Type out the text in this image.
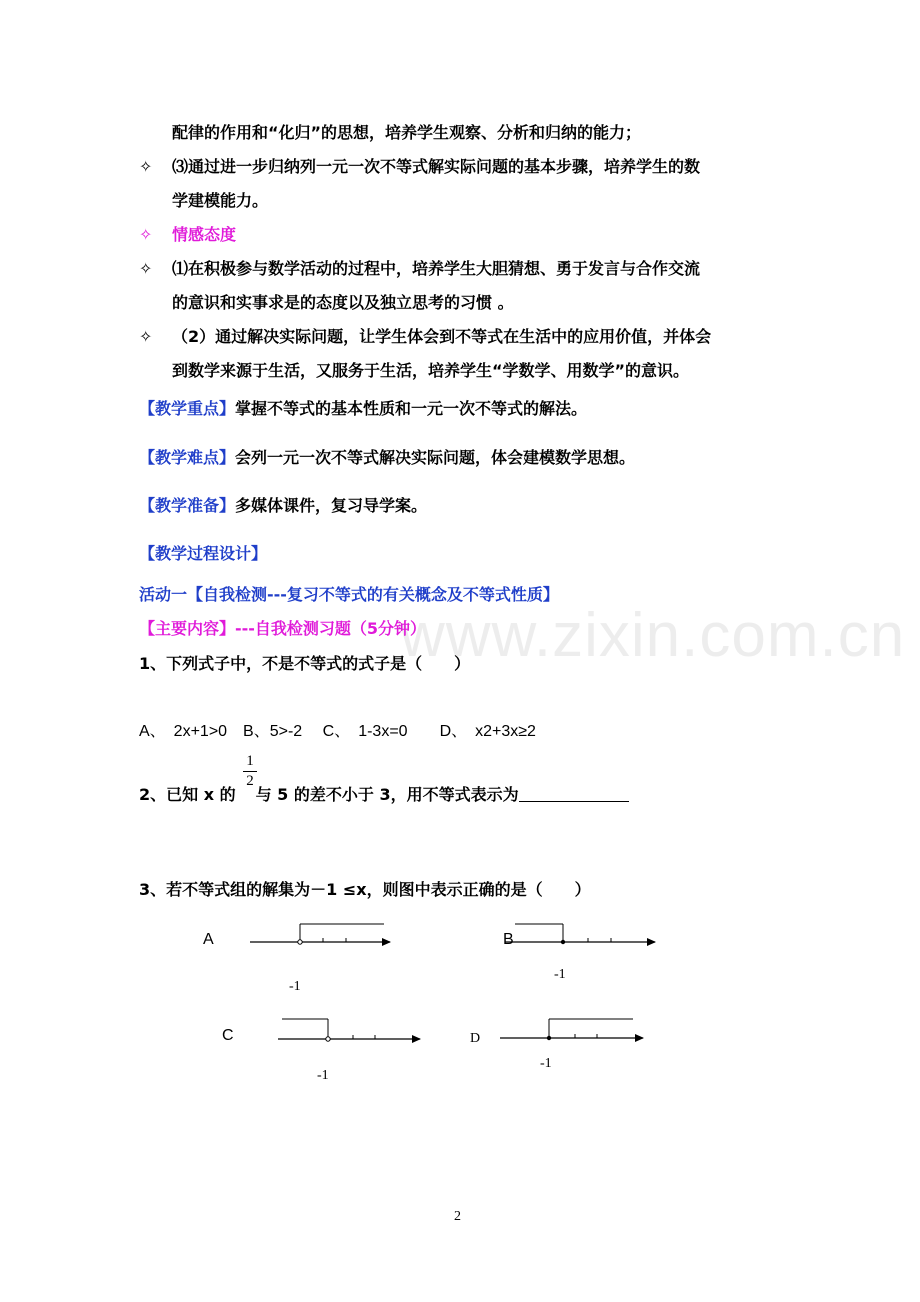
www.zixin.com.cn
配律的作用和“化归”的思想，培养学生观察、分析和归纳的能力；
✧ ⑶通过进一步归纳列一元一次不等式解实际问题的基本步骤，培养学生的数
学建模能力。
✧ 情感态度
✧ ⑴在积极参与数学活动的过程中，培养学生大胆猜想、勇于发言与合作交流
的意识和实事求是的态度以及独立思考的习惯 。
✧ （2）通过解决实际问题，让学生体会到不等式在生活中的应用价值，并体会
到数学来源于生活，又服务于生活，培养学生“学数学、用数学”的意识。
【教学重点】掌握不等式的基本性质和一元一次不等式的解法。
【教学难点】会列一元一次不等式解决实际问题，体会建模数学思想。
【教学准备】多媒体课件，复习导学案。
【教学过程设计】
活动一【自我检测---复习不等式的有关概念及不等式性质】
【主要内容】---自我检测习题（5分钟）
1、下列式子中，不是不等式的式子是（　　）
A、　2x+1>0　B、5>-2　 C、　1-3x=0　　D、　x2+3x≥2
2、已知 x 的 与 5 的差不小于 3，用不等式表示为
1
2
3、若不等式组的解集为－1 ≤x，则图中表示正确的是（　　）
A
-1
B
-1
C
-1
D
-1
2
